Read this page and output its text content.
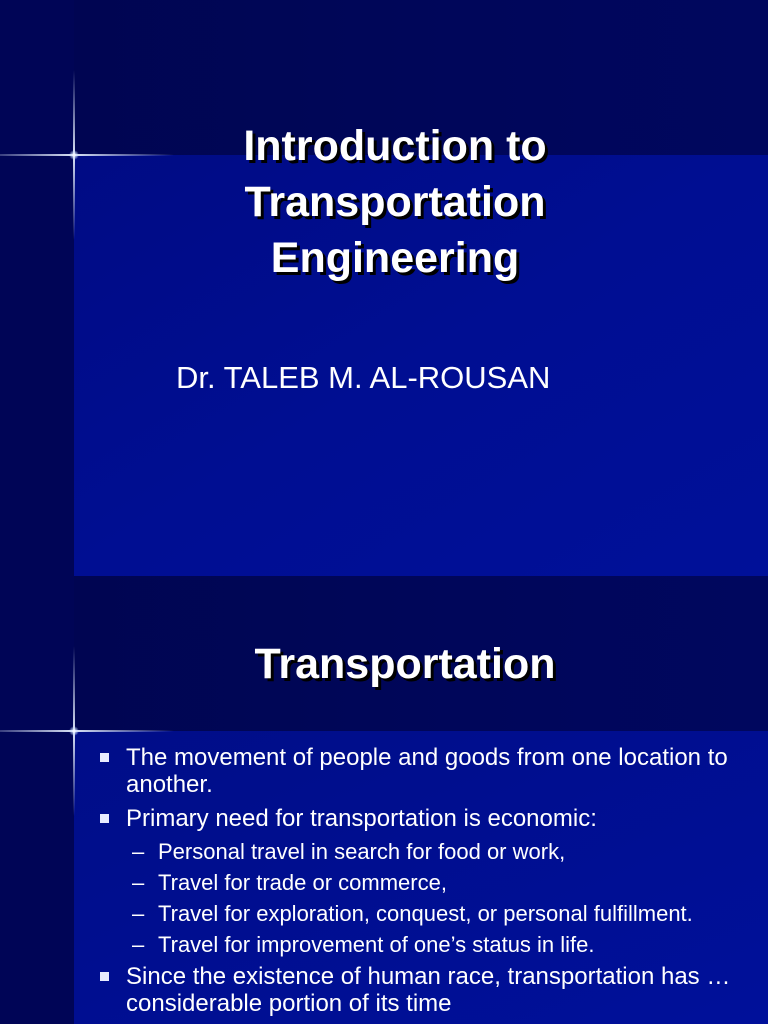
Introduction to
Transportation
Engineering
Dr. TALEB M. AL-ROUSAN
Transportation
The movement of people and goods from one location to another.
Primary need for transportation is economic:
– Personal travel in search for food or work,
– Travel for trade or commerce,
– Travel for exploration, conquest, or personal fulfillment.
– Travel for improvement of one’s status in life.
Since the existence of human race, transportation has … considerable portion of its time
